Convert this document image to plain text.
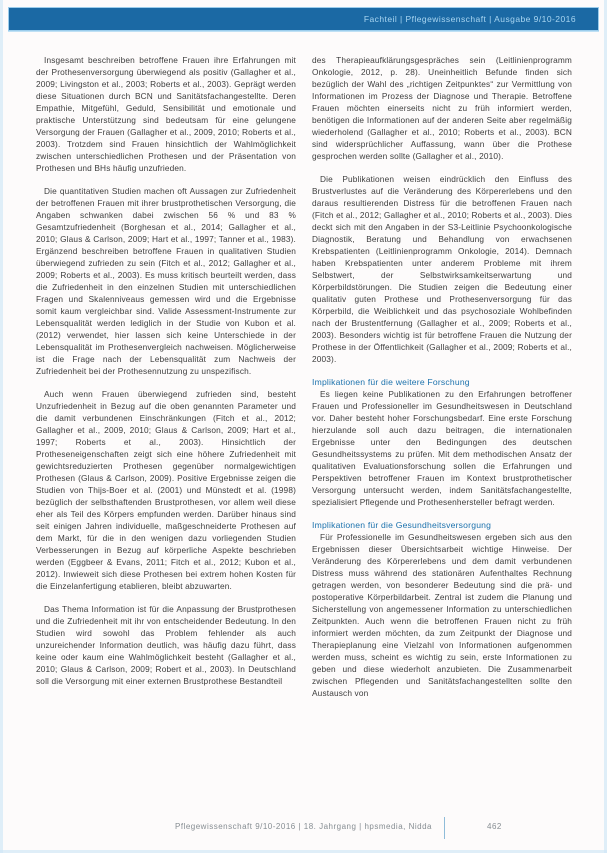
Fachteil | Pflegewissenschaft | Ausgabe 9/10-2016

Insgesamt beschreiben betroffene Frauen ihre Erfahrungen mit der Prothesenversorgung überwiegend als positiv (Gallagher et al., 2009; Livingston et al., 2003; Roberts et al., 2003). Geprägt werden diese Situationen durch BCN und Sanitätsfachangestellte. Deren Empathie, Mitgefühl, Geduld, Sensibilität und emotionale und praktische Unterstützung sind bedeutsam für eine gelungene Versorgung der Frauen (Gallagher et al., 2009, 2010; Roberts et al., 2003). Trotzdem sind Frauen hinsichtlich der Wahlmöglichkeit zwischen unterschiedlichen Prothesen und der Präsentation von Prothesen und BHs häufig unzufrieden.

Die quantitativen Studien machen oft Aussagen zur Zufriedenheit der betroffenen Frauen mit ihrer brustprothetischen Versorgung, die Angaben schwanken dabei zwischen 56 % und 83 % Gesamtzufriedenheit (Borghesan et al., 2014; Gallagher et al., 2010; Glaus & Carlson, 2009; Hart et al., 1997; Tanner et al., 1983). Ergänzend beschreiben betroffene Frauen in qualitativen Studien überwiegend zufrieden zu sein (Fitch et al., 2012; Gallagher et al., 2009; Roberts et al., 2003). Es muss kritisch beurteilt werden, dass die Zufriedenheit in den einzelnen Studien mit unterschiedlichen Fragen und Skalenniveaus gemessen wird und die Ergebnisse somit kaum vergleichbar sind. Valide Assessment-Instrumente zur Lebensqualität werden lediglich in der Studie von Kubon et al. (2012) verwendet, hier lassen sich keine Unterschiede in der Lebensqualität im Prothesenvergleich nachweisen. Möglicherweise ist die Frage nach der Lebensqualität zum Nachweis der Zufriedenheit bei der Prothesennutzung zu unspezifisch.

Auch wenn Frauen überwiegend zufrieden sind, besteht Unzufriedenheit in Bezug auf die oben genannten Parameter und die damit verbundenen Einschränkungen (Fitch et al., 2012; Gallagher et al., 2009, 2010; Glaus & Carlson, 2009; Hart et al., 1997; Roberts et al., 2003). Hinsichtlich der Protheseneigenschaften zeigt sich eine höhere Zufriedenheit mit gewichtsreduzierten Prothesen gegenüber normalgewichtigen Prothesen (Glaus & Carlson, 2009). Positive Ergebnisse zeigen die Studien von Thijs-Boer et al. (2001) und Münstedt et al. (1998) bezüglich der selbsthaftenden Brustprothesen, vor allem weil diese eher als Teil des Körpers empfunden werden. Darüber hinaus sind seit einigen Jahren individuelle, maßgeschneiderte Prothesen auf dem Markt, für die in den wenigen dazu vorliegenden Studien Verbesserungen in Bezug auf körperliche Aspekte beschrieben werden (Eggbeer & Evans, 2011; Fitch et al., 2012; Kubon et al., 2012). Inwieweit sich diese Prothesen bei extrem hohen Kosten für die Einzelanfertigung etablieren, bleibt abzuwarten.

Das Thema Information ist für die Anpassung der Brustprothesen und die Zufriedenheit mit ihr von entscheidender Bedeutung. In den Studien wird sowohl das Problem fehlender als auch unzureichender Information deutlich, was häufig dazu führt, dass keine oder kaum eine Wahlmöglichkeit besteht (Gallagher et al., 2010; Glaus & Carlson, 2009; Robert et al., 2003). In Deutschland soll die Versorgung mit einer externen Brustprothese Bestandteil

des Therapieaufklärungsgespräches sein (Leitlinienprogramm Onkologie, 2012, p. 28). Uneinheitlich Befunde finden sich bezüglich der Wahl des „richtigen Zeitpunktes“ zur Vermittlung von Informationen im Prozess der Diagnose und Therapie. Betroffene Frauen möchten einerseits nicht zu früh informiert werden, benötigen die Informationen auf der anderen Seite aber regelmäßig wiederholend (Gallagher et al., 2010; Roberts et al., 2003). BCN sind widersprüchlicher Auffassung, wann über die Prothese gesprochen werden sollte (Gallagher et al., 2010).

Die Publikationen weisen eindrücklich den Einfluss des Brustverlustes auf die Veränderung des Körpererlebens und den daraus resultierenden Distress für die betroffenen Frauen nach (Fitch et al., 2012; Gallagher et al., 2010; Roberts et al., 2003). Dies deckt sich mit den Angaben in der S3-Leitlinie Psychoonkologische Diagnostik, Beratung und Behandlung von erwachsenen Krebspatienten (Leitlinienprogramm Onkologie, 2014). Demnach haben Krebspatienten unter anderem Probleme mit ihrem Selbstwert, der Selbstwirksamkeitserwartung und Körperbildstörungen. Die Studien zeigen die Bedeutung einer qualitativ guten Prothese und Prothesenversorgung für das Körperbild, die Weiblichkeit und das psychosoziale Wohlbefinden nach der Brustentfernung (Gallagher et al., 2009; Roberts et al., 2003). Besonders wichtig ist für betroffene Frauen die Nutzung der Prothese in der Öffentlichkeit (Gallagher et al., 2009; Roberts et al., 2003).

Implikationen für die weitere Forschung

Es liegen keine Publikationen zu den Erfahrungen betroffener Frauen und Professioneller im Gesundheitswesen in Deutschland vor. Daher besteht hoher Forschungsbedarf. Eine erste Forschung hierzulande soll auch dazu beitragen, die internationalen Ergebnisse unter den Bedingungen des deutschen Gesundheitssystems zu prüfen. Mit dem methodischen Ansatz der qualitativen Evaluationsforschung sollen die Erfahrungen und Perspektiven betroffener Frauen im Kontext brustprothetischer Versorgung untersucht werden, indem Sanitätsfachangestellte, spezialisiert Pflegende und Prothesenhersteller befragt werden.

Implikationen für die Gesundheitsversorgung

Für Professionelle im Gesundheitswesen ergeben sich aus den Ergebnissen dieser Übersichtsarbeit wichtige Hinweise. Der Veränderung des Körpererlebens und dem damit verbundenen Distress muss während des stationären Aufenthaltes Rechnung getragen werden, von besonderer Bedeutung sind die prä- und postoperative Körperbildarbeit. Zentral ist zudem die Planung und Sicherstellung von angemessener Information zu unterschiedlichen Zeitpunkten. Auch wenn die betroffenen Frauen nicht zu früh informiert werden möchten, da zum Zeitpunkt der Diagnose und Therapieplanung eine Vielzahl von Informationen aufgenommen werden muss, scheint es wichtig zu sein, erste Informationen zu geben und diese wiederholt anzubieten. Die Zusammenarbeit zwischen Pflegenden und Sanitätsfachangestellten sollte den Austausch von

Pflegewissenschaft 9/10-2016 | 18. Jahrgang | hpsmedia, Nidda	462
